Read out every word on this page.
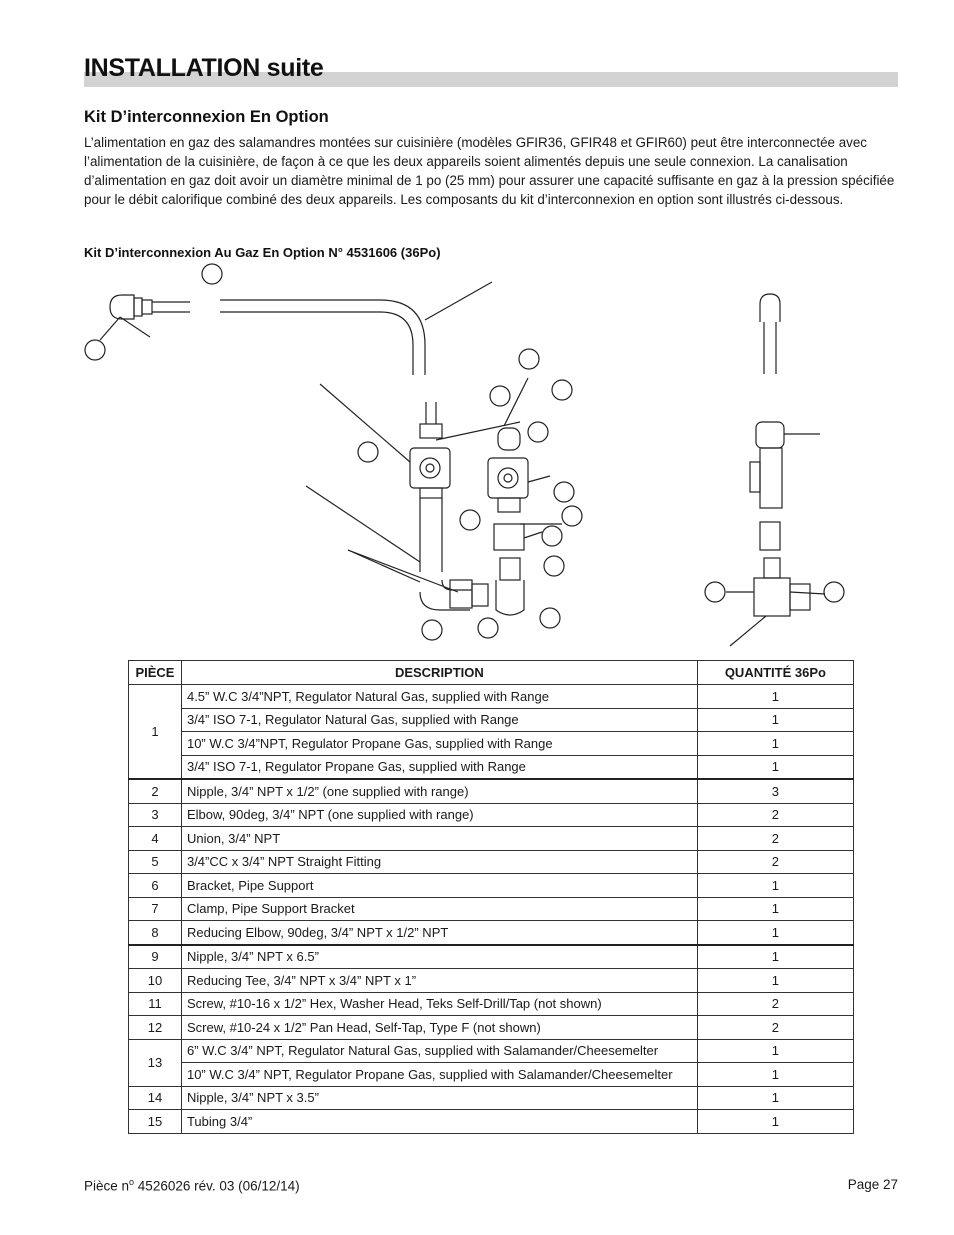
INSTALLATION suite
Kit D’interconnexion En Option

L’alimentation en gaz des salamandres montées sur cuisinière (modèles GFIR36, GFIR48 et GFIR60) peut être interconnectée avec l’alimentation de la cuisinière, de façon à ce que les deux appareils soient alimentés depuis une seule connexion. La canalisation d’alimentation en gaz doit avoir un diamètre minimal de 1 po (25 mm) pour assurer une capacité suffisante en gaz à la pression spécifiée pour le débit calorifique combiné des deux appareils. Les composants du kit d’interconnexion en option sont illustrés ci-dessous.

Kit D’interconnexion Au Gaz En Option N° 4531606 (36Po)

PIÈCE	DESCRIPTION	QUANTITÉ 36Po
1	4.5” W.C 3/4”NPT, Regulator Natural Gas, supplied with Range	1
	3/4” ISO 7-1, Regulator Natural Gas, supplied with Range	1
	10” W.C 3/4”NPT, Regulator Propane Gas, supplied with Range	1
	3/4” ISO 7-1, Regulator Propane Gas, supplied with Range	1
2	Nipple, 3/4” NPT x 1/2” (one supplied with range)	3
3	Elbow, 90deg, 3/4” NPT (one supplied with range)	2
4	Union, 3/4” NPT	2
5	3/4”CC x 3/4” NPT Straight Fitting	2
6	Bracket, Pipe Support	1
7	Clamp, Pipe Support Bracket	1
8	Reducing Elbow, 90deg, 3/4” NPT x 1/2” NPT	1
9	Nipple, 3/4” NPT x 6.5”	1
10	Reducing Tee, 3/4” NPT x 3/4” NPT x 1”	1
11	Screw, #10-16 x 1/2” Hex, Washer Head, Teks Self-Drill/Tap (not shown)	2
12	Screw, #10-24 x 1/2” Pan Head, Self-Tap, Type F (not shown)	2
13	6” W.C 3/4” NPT, Regulator Natural Gas, supplied with Salamander/Cheesemelter	1
	10” W.C 3/4” NPT, Regulator Propane Gas, supplied with Salamander/Cheesemelter	1
14	Nipple, 3/4” NPT x 3.5”	1
15	Tubing 3/4”	1
Pièce $n^o$ 4526026 rév. 03 (06/12/14)	Page 27
